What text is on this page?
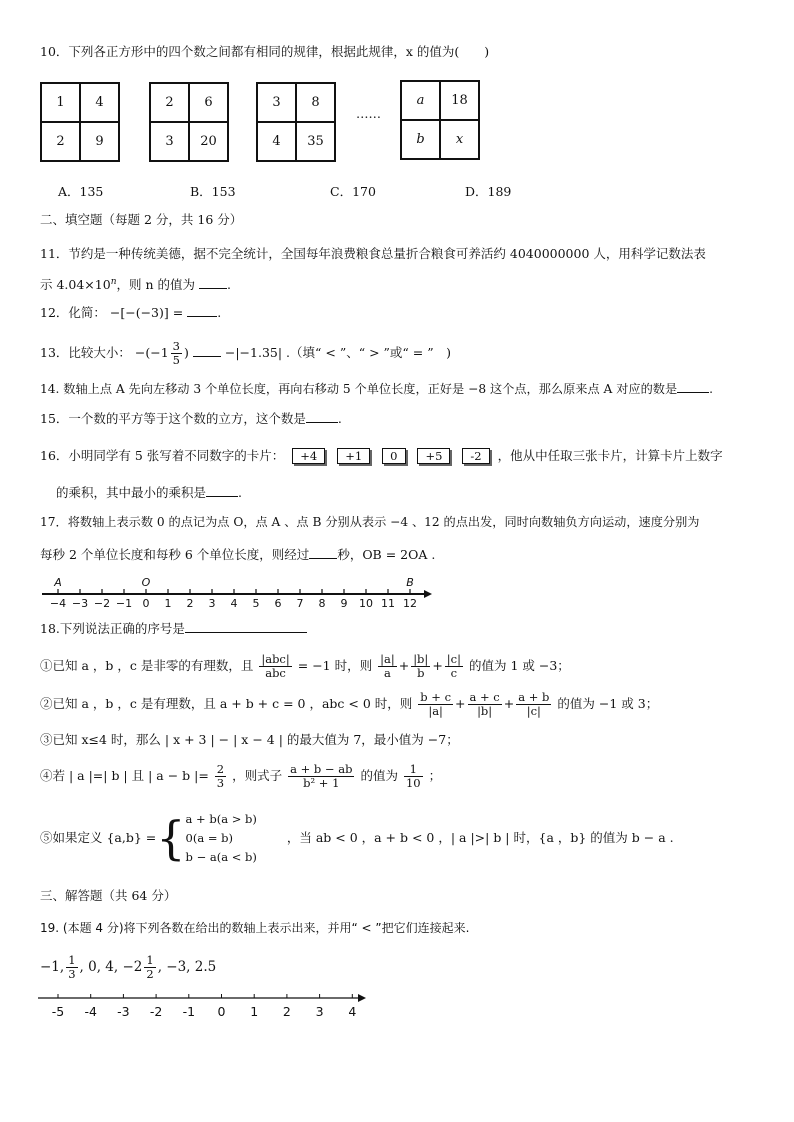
10．下列各正方形中的四个数之间都有相同的规律，根据此规律，x 的值为(　　)
1	4
2	9
2	6
3	20
3	8
4	35
……
a	18
b	x
A．135	B．153	C．170	D．189
二、填空题（每题 2 分，共 16 分）
11．节约是一种传统美德，据不完全统计，全国每年浪费粮食总量折合粮食可养活约 4040000000 人，用科学记数法表
示 $4.04\times 10^n$，则 n 的值为	.
12．化简： −[−(−3)] =	.
13．比较大小： $-(-1 \frac{3}{5}$ )	−|−1.35| .（填“ < ”、“ > ”或“ = ”　)
14. 数轴上点 A 先向左移动 3 个单位长度，再向右移动 5 个单位长度，正好是 −8 这个点，那么原来点 A 对应的数是	.
15．一个数的平方等于这个数的立方，这个数是	.
16．小明同学有 5 张写着不同数字的卡片： +4 +1 0 +5 -2 ，他从中任取三张卡片，计算卡片上数字
的乘积，其中最小的乘积是	.
17．将数轴上表示数 0 的点记为点 O，点 A 、点 B 分别从表示 −4 、12 的点出发，同时向数轴负方向运动，速度分别为
每秒 2 个单位长度和每秒 6 个单位长度，则经过 秒，OB = 2OA .
−4 −3 −2 −1 0 1 2 3 4 5 6 7 8 9 10 11 12
A	O	B
18.下列说法正确的序号是
①已知 a ，b ，c 是非零的有理数，且 $\frac{\text{|abc|}}{\text{abc}} = -1$ 时，则 $\frac{|a|}{a} + \frac{|b|}{b} + \frac{|c|}{c}$ 的值为 1 或 −3；
②已知 a ，b ，c 是有理数，且 a + b + c = 0 ，abc < 0 时，则 $\frac{b + c}{|a|} + \frac{a + c}{|b|} + \frac{a + b}{|c|}$ 的值为 −1 或 3；
③已知 x≤4 时，那么 | x + 3 | − | x − 4 | 的最大值为 7，最小值为 −7；
④若 | a |=| b | 且 | a − b |= $\frac{2}{3}$ ，则式子 $\frac{a + b - ab}{\text{b² + 1}}$ 的值为 $\frac{1}{10}$ ；
⑤如果定义 {a,b} = { a + b(a > b)
0(a = b)
b − a(a < b)
，当 ab < 0 ，a + b < 0 ，| a |>| b | 时，{a ，b} 的值为 b − a .
三、解答题（共 64 分）
19. (本题 4 分)将下列各数在给出的数轴上表示出来，并用“ < ”把它们连接起来.
−1, $\frac{1}{3}$ , 0, 4, $-2 \frac{1}{2}$ , −3, 2.5
-5 -4 -3 -2 -1 0 1 2 3 4
